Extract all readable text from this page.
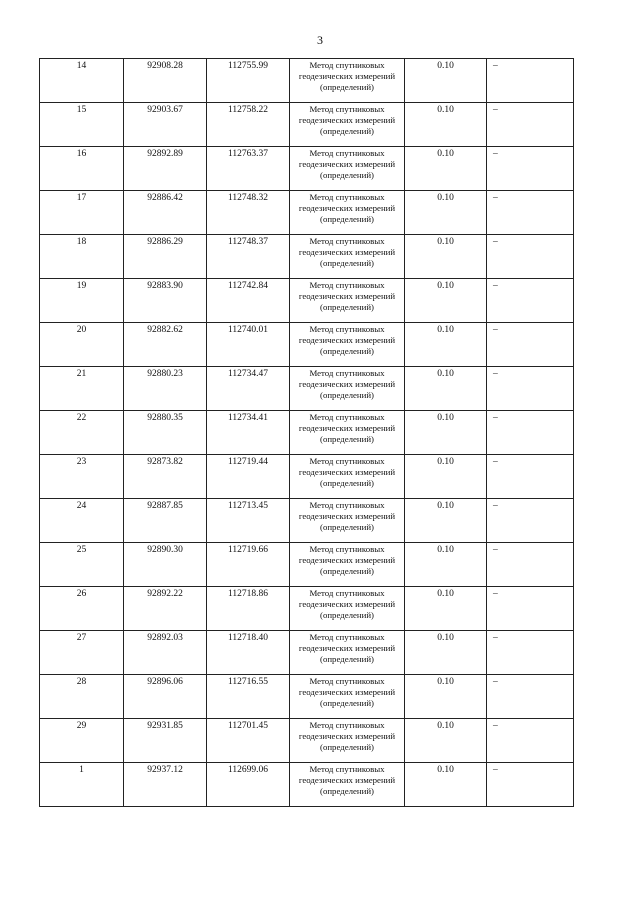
3
14	92908.28	112755.99	Метод спутниковых геодезических измерений (определений)	0.10	–
15	92903.67	112758.22	Метод спутниковых геодезических измерений (определений)	0.10	–
16	92892.89	112763.37	Метод спутниковых геодезических измерений (определений)	0.10	–
17	92886.42	112748.32	Метод спутниковых геодезических измерений (определений)	0.10	–
18	92886.29	112748.37	Метод спутниковых геодезических измерений (определений)	0.10	–
19	92883.90	112742.84	Метод спутниковых геодезических измерений (определений)	0.10	–
20	92882.62	112740.01	Метод спутниковых геодезических измерений (определений)	0.10	–
21	92880.23	112734.47	Метод спутниковых геодезических измерений (определений)	0.10	–
22	92880.35	112734.41	Метод спутниковых геодезических измерений (определений)	0.10	–
23	92873.82	112719.44	Метод спутниковых геодезических измерений (определений)	0.10	–
24	92887.85	112713.45	Метод спутниковых геодезических измерений (определений)	0.10	–
25	92890.30	112719.66	Метод спутниковых геодезических измерений (определений)	0.10	–
26	92892.22	112718.86	Метод спутниковых геодезических измерений (определений)	0.10	–
27	92892.03	112718.40	Метод спутниковых геодезических измерений (определений)	0.10	–
28	92896.06	112716.55	Метод спутниковых геодезических измерений (определений)	0.10	–
29	92931.85	112701.45	Метод спутниковых геодезических измерений (определений)	0.10	–
1	92937.12	112699.06	Метод спутниковых геодезических измерений (определений)	0.10	–
